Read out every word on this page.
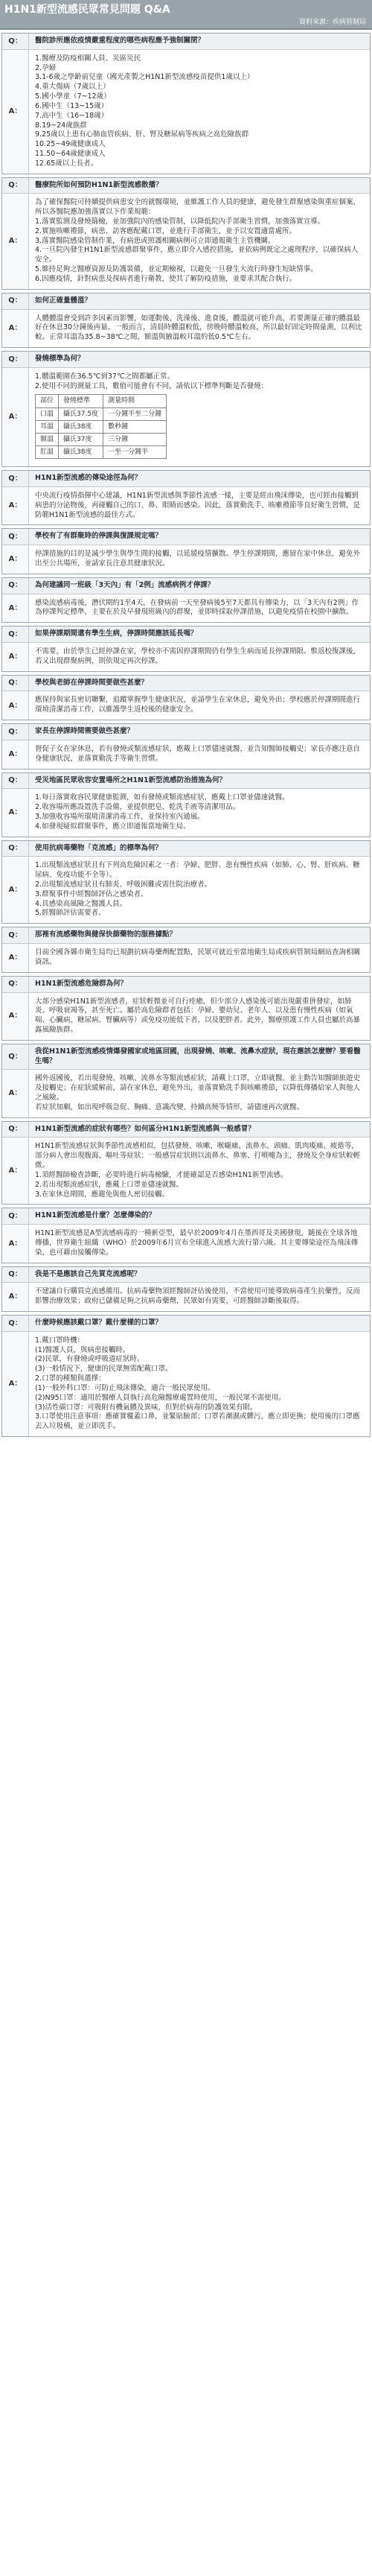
H1N1新型流感民眾常見問題 Q&A
資料來源：疾病管制局
Q：	醫院診所應依疫情嚴重程度的哪些病程應予強制關閉？
A：
1.醫療及防疫相關人員、災區災民
2.孕婦
3.1-6歲之學齡前兒童（國光產製之H1N1新型流感疫苗提供1歲以上）
4.重大傷病（7歲以上）
5.國小學童（7~12歲）
6.國中生（13~15歲）
7.高中生（16~18歲）
8.19~24歲族群
9.25歲以上患有心肺血管疾病、肝、腎及糖尿病等疾病之高危險族群
10.25~49歲健康成人
11.50~64歲健康成人
12.65歲以上長者。
Q：	醫療院所如何預防H1N1新型流感散播？
A：
為了確保醫院可持續提供病患安全的就醫環境，並維護工作人員的健康，避免發生群聚感染與重症個案，所以各醫院應加強落實以下作業規範：
1.落實監測及發燒篩檢，並加強院內的感染管制，以降低院內手部衛生習慣，加強落實宣導。
2.實施咳嗽禮節，病患、訪客應配戴口罩，並進行手部衛生，並予以安置適當處所。
3.落實醫院感染管制作業，有病患或照護相關病例可立即通報衛生主管機關。
4.一旦院內發生H1N1新型流感群聚事件，應立即介入感控措施，並依病例既定之處理程序，以確保病人安全。
5.維持足夠之醫療資源及防護裝備，並定期檢視，以避免一旦發生大流行時發生短缺情事。
6.因應疫情，針對病患及探病者進行衛教，使其了解防疫措施，並要求其配合執行。
Q：	如何正確量體溫？
A：
人體體溫會受到許多因素而影響，如運動後、洗澡後、進食後，體溫就可能升高，若要測量正確的體溫最好在休息30分鐘後再量。一般而言，清晨時體溫較低，傍晚時體溫較高，所以最好固定時間量測，以利比較。正常耳溫為35.8~38℃之間，額溫與腋溫較耳溫約低0.5℃左右。
Q：	發燒標準為何？
A：
1.體溫範圍在36.5℃到37℃之間都屬正常。
2.使用不同的測量工具，數值可能會有不同，請依以下標準判斷是否發燒：
部位	發燒標準	測量時間
口溫	攝氏37.5度	一分鐘半至二分鐘
耳溫	攝氏38度	數秒鐘
額溫	攝氏37度	三分鐘
肛溫	攝氏38度	一至一分鐘半
Q：	H1N1新型流感的傳染途徑為何？
A：
中央流行疫情指揮中心建議，H1N1新型流感與季節性流感一樣，主要是經由飛沫傳染，也可經由接觸到病患的分泌物後，再碰觸自己的口、鼻、眼睛而感染。因此，落實勤洗手、咳嗽禮節等良好衛生習慣，是防範H1N1新型流感的最佳方式。
Q：	學校有了有群聚時的停課與復課規定嗎？
A：
停課措施的目的是減少學生與學生間的接觸，以延緩疫情擴散。學生停課期間，應留在家中休息，避免外出至公共場所，並請家長注意其健康狀況。
Q：	為何建議同一班級「3天內」有「2例」流感病例才停課？
A：
感染流感病毒後，潛伏期約1至4天，在發病前一天至發病後5至7天都具有傳染力，以「3天內有2例」作為停課判定標準，主要在於及早發現班級內的群聚，並即時採取停課措施，以避免疫情在校園中擴散。
Q：	如果停課期間還有學生生病，停課時間應該延長嗎？
A：
不需要，由於學生已經停課在家，學校亦不需因停課期間仍有學生生病而延長停課期限。惟返校復課後，若又出現群聚病例，則依規定再次停課。
Q：	學校與老師在停課時間要做些甚麼？
A：
應保持與家長密切聯繫，追蹤掌握學生健康狀況，並請學生在家休息，避免外出；學校應於停課期間進行環境清潔消毒工作，以維護學生返校後的健康安全。
Q：	家長在停課時間需要做些甚麼？
A：
督促子女在家休息，若有發燒或類流感症狀，應戴上口罩儘速就醫，並告知醫師接觸史；家長亦應注意自身健康狀況，並落實勤洗手等衛生習慣。
Q：	受災地區民眾收容安置場所之H1N1新型流感防治措施為何？
A：
1.每日落實收容民眾健康監測，如有發燒或類流感症狀，應戴上口罩並儘速就醫。
2.收容場所應設置洗手設備，並提供肥皂、乾洗手液等清潔用品。
3.加強收容場所環境清潔消毒工作，並保持室內通風。
4.如發現疑似群聚事件，應立即通報當地衛生局。
Q：	使用抗病毒藥物「克流感」的標準為何？
A：
1.出現類流感症狀且有下列高危險因素之一者：孕婦、肥胖、患有慢性疾病（如肺、心、腎、肝疾病、糖尿病、免疫功能不全等）。
2.出現類流感症狀且有肺炎、呼吸困難或需住院治療者。
3.群聚事件中經醫師評估之感染者。
4.具感染高風險之醫護人員。
5.經醫師評估需要者。
Q：	那裡有流感藥物與健保快篩藥物的服務據點？
A：
目前全國各縣市衛生局均已規劃抗病毒藥劑配置點，民眾可就近至當地衛生局或疾病管制局網站查詢相關資訊。
Q：	H1N1新型流感危險群為何？
A：
大部分感染H1N1新型流感者，症狀輕微並可自行痊癒，但少部分人感染後可能出現嚴重併發症，如肺炎、呼吸衰竭等，甚至死亡。屬於高危險群者包括：孕婦、嬰幼兒、老年人、以及患有慢性疾病（如氣喘、心臟病、糖尿病、腎臟病等）或免疫功能低下者，以及肥胖者。此外，醫療照護工作人員也屬於高暴露風險族群。
Q：
我從H1N1新型流感疫情爆發國家或地區回國，出現發燒、咳嗽、流鼻水症狀，現在應該怎麼辦？要看醫生嗎？
A：
國外返國後，若出現發燒、咳嗽、流鼻水等類流感症狀，請戴上口罩，立即就醫，並主動告知醫師旅遊史及接觸史；在症狀緩解前，請在家休息，避免外出，並落實勤洗手與咳嗽禮節，以降低傳播給家人與他人之風險。
若症狀加劇，如出現呼吸急促、胸痛、意識改變、持續高燒等情形，請儘速再次就醫。
Q：	H1N1新型流感的症狀有哪些？如何區分H1N1新型流感與一般感冒？
A：
H1N1新型流感症狀與季節性流感相似，包括發燒、咳嗽、喉嚨痛、流鼻水、頭痛、肌肉痠痛、疲倦等，部分病人會出現腹瀉、嘔吐等症狀；一般感冒症狀則以流鼻水、鼻塞、打噴嚏為主，發燒及全身症狀較輕微。
1.須經醫師檢查診斷，必要時進行病毒檢驗，才能確認是否感染H1N1新型流感。
2.若出現類流感症狀，應戴上口罩並儘速就醫。
3.在家休息期間，應避免與他人密切接觸。
Q：	H1N1新型流感是什麼？怎麼傳染的？
A：
H1N1新型流感是A型流感病毒的一種新亞型，最早於2009年4月在墨西哥及美國發現，隨後在全球各地傳播，世界衛生組織（WHO）於2009年6月宣布全球進入流感大流行第六級。其主要傳染途徑為飛沫傳染，也可藉由接觸傳染。
Q：	我是不是應該自己先買克流感呢？
A：
不建議自行購買克流感備用。抗病毒藥物須經醫師評估後使用，不當使用可能導致病毒產生抗藥性，反而影響治療效果；政府已儲備足夠之抗病毒藥劑，民眾如有需要，可經醫師診斷後取得。
Q：	什麼時候應該戴口罩？戴什麼樣的口罩？
A：
1.戴口罩時機：
(1)醫護人員，與病患接觸時。
(2)民眾，有發燒或呼吸道症狀時。
(3)一般情況下，健康的民眾無需配戴口罩。
2.口罩的種類與選擇：
(1)一般外科口罩：可防止飛沫傳染，適合一般民眾使用。
(2)N95口罩：適用於醫療人員執行高危險醫療處置時使用，一般民眾不需使用。
(3)活性碳口罩：可吸附有機氣體及異味，但對於病毒的防護效果有限。
3.口罩使用注意事項：應確實覆蓋口鼻，並緊貼臉部；口罩若潮濕或髒污，應立即更換；使用後的口罩應丟入垃圾桶，並立即洗手。
